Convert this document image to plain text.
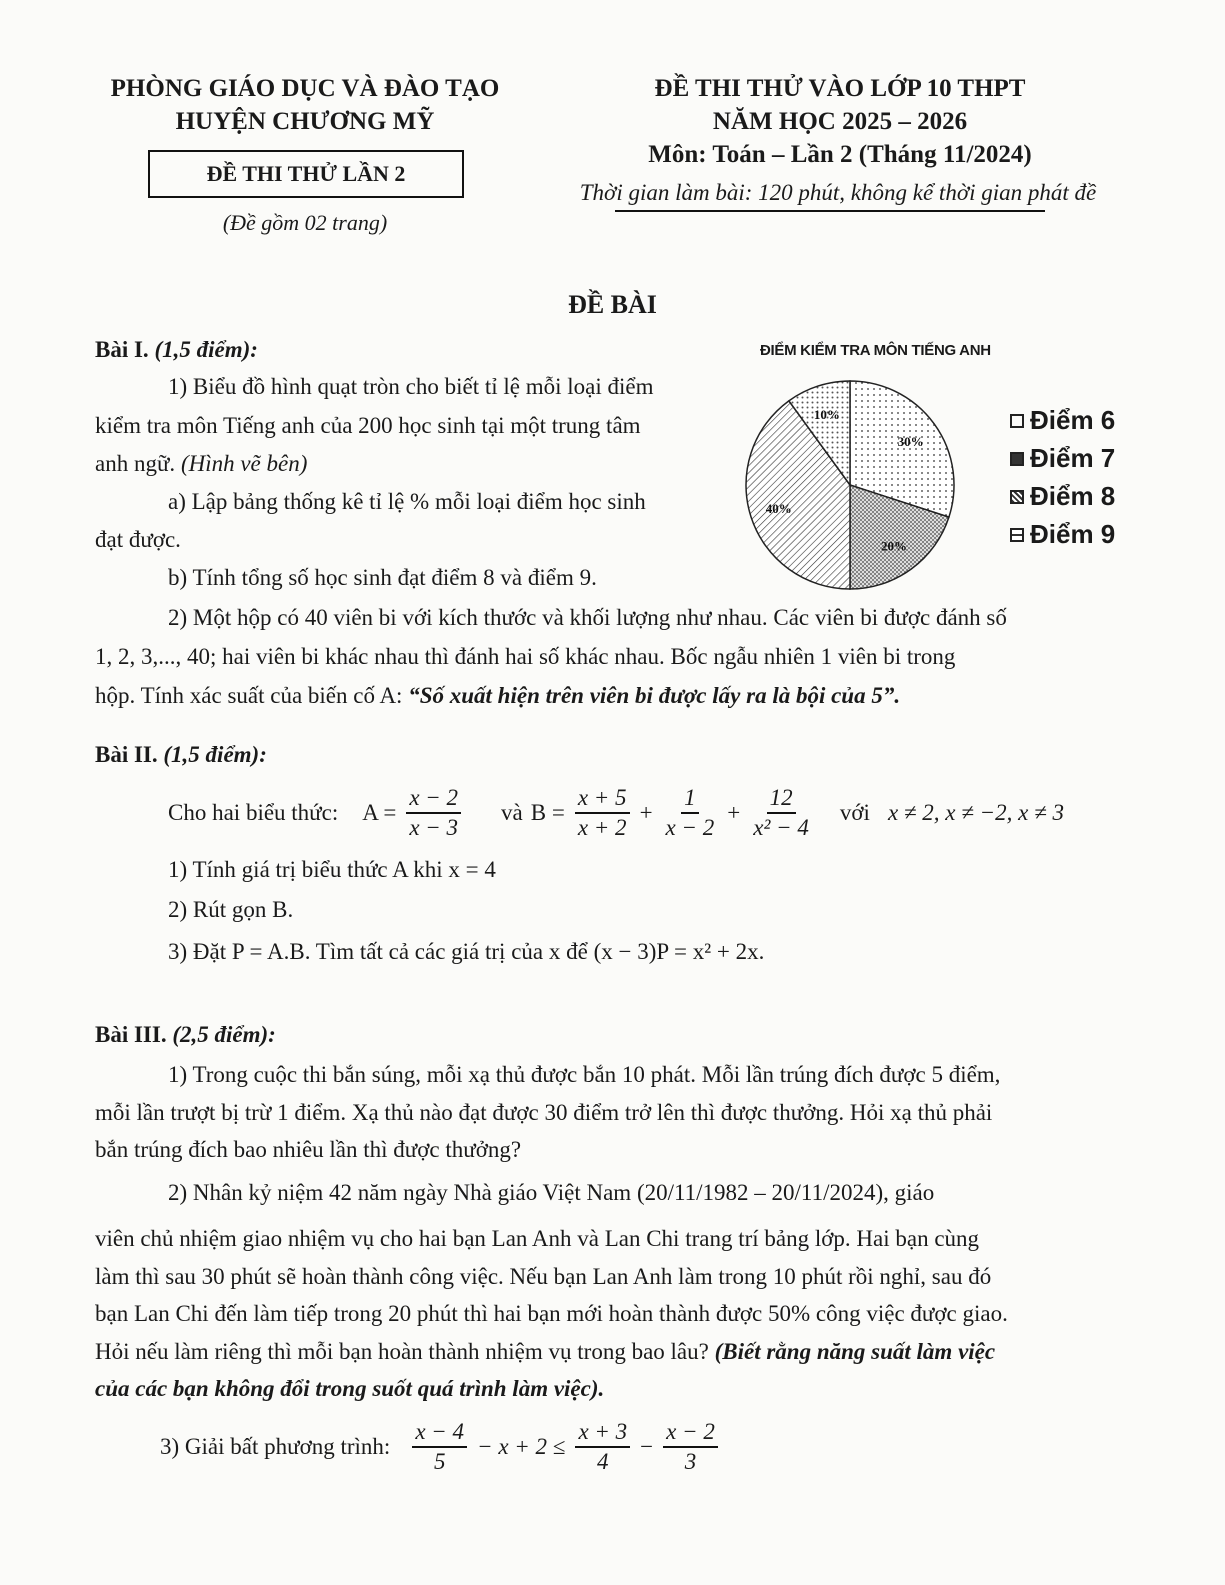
PHÒNG GIÁO DỤC VÀ ĐÀO TẠO
HUYỆN CHƯƠNG MỸ
ĐỀ THI THỬ LẦN 2
(Đề gồm 02 trang)
ĐỀ THI THỬ VÀO LỚP 10 THPT
NĂM HỌC 2025 – 2026
Môn: Toán – Lần 2 (Tháng 11/2024)
Thời gian làm bài: 120 phút, không kể thời gian phát đề
ĐỀ BÀI
Bài I. (1,5 điểm):
1) Biểu đồ hình quạt tròn cho biết tỉ lệ mỗi loại điểm
kiểm tra môn Tiếng anh của 200 học sinh tại một trung tâm
anh ngữ. (Hình vẽ bên)
a) Lập bảng thống kê tỉ lệ % mỗi loại điểm học sinh
đạt được.
b) Tính tổng số học sinh đạt điểm 8 và điểm 9.
2) Một hộp có 40 viên bi với kích thước và khối lượng như nhau. Các viên bi được đánh số
1, 2, 3,..., 40; hai viên bi khác nhau thì đánh hai số khác nhau. Bốc ngẫu nhiên 1 viên bi trong
hộp. Tính xác suất của biến cố A: “Số xuất hiện trên viên bi được lấy ra là bội của 5”.
ĐIỂM KIỂM TRA MÔN TIẾNG ANH
30%
20%
40%
10%	Điểm 6
Điểm 7
Điểm 8
Điểm 9
Bài II. (1,5 điểm):
Cho hai biểu thức: $A = \frac{x - 2}{x - 3}$ và $B = \frac{x + 5}{x + 2} + \frac{1}{x - 2} + \frac{12}{\text{x² − 4}}$ với x ≠ 2, x ≠ −2, x ≠ 3
1) Tính giá trị biểu thức A khi x = 4
2) Rút gọn B.
3) Đặt P = A.B. Tìm tất cả các giá trị của x để (x − 3)P = x² + 2x.
Bài III. (2,5 điểm):
1) Trong cuộc thi bắn súng, mỗi xạ thủ được bắn 10 phát. Mỗi lần trúng đích được 5 điểm,
mỗi lần trượt bị trừ 1 điểm. Xạ thủ nào đạt được 30 điểm trở lên thì được thưởng. Hỏi xạ thủ phải
bắn trúng đích bao nhiêu lần thì được thưởng?
2) Nhân kỷ niệm 42 năm ngày Nhà giáo Việt Nam (20/11/1982 – 20/11/2024), giáo
viên chủ nhiệm giao nhiệm vụ cho hai bạn Lan Anh và Lan Chi trang trí bảng lớp. Hai bạn cùng
làm thì sau 30 phút sẽ hoàn thành công việc. Nếu bạn Lan Anh làm trong 10 phút rồi nghỉ, sau đó
bạn Lan Chi đến làm tiếp trong 20 phút thì hai bạn mới hoàn thành được 50% công việc được giao.
Hỏi nếu làm riêng thì mỗi bạn hoàn thành nhiệm vụ trong bao lâu? (Biết rằng năng suất làm việc
của các bạn không đổi trong suốt quá trình làm việc).
3) Giải bất phương trình: $\frac{x - 4}{5} - x + 2 \le \frac{x + 3}{4} - \frac{x - 2}{3}$
